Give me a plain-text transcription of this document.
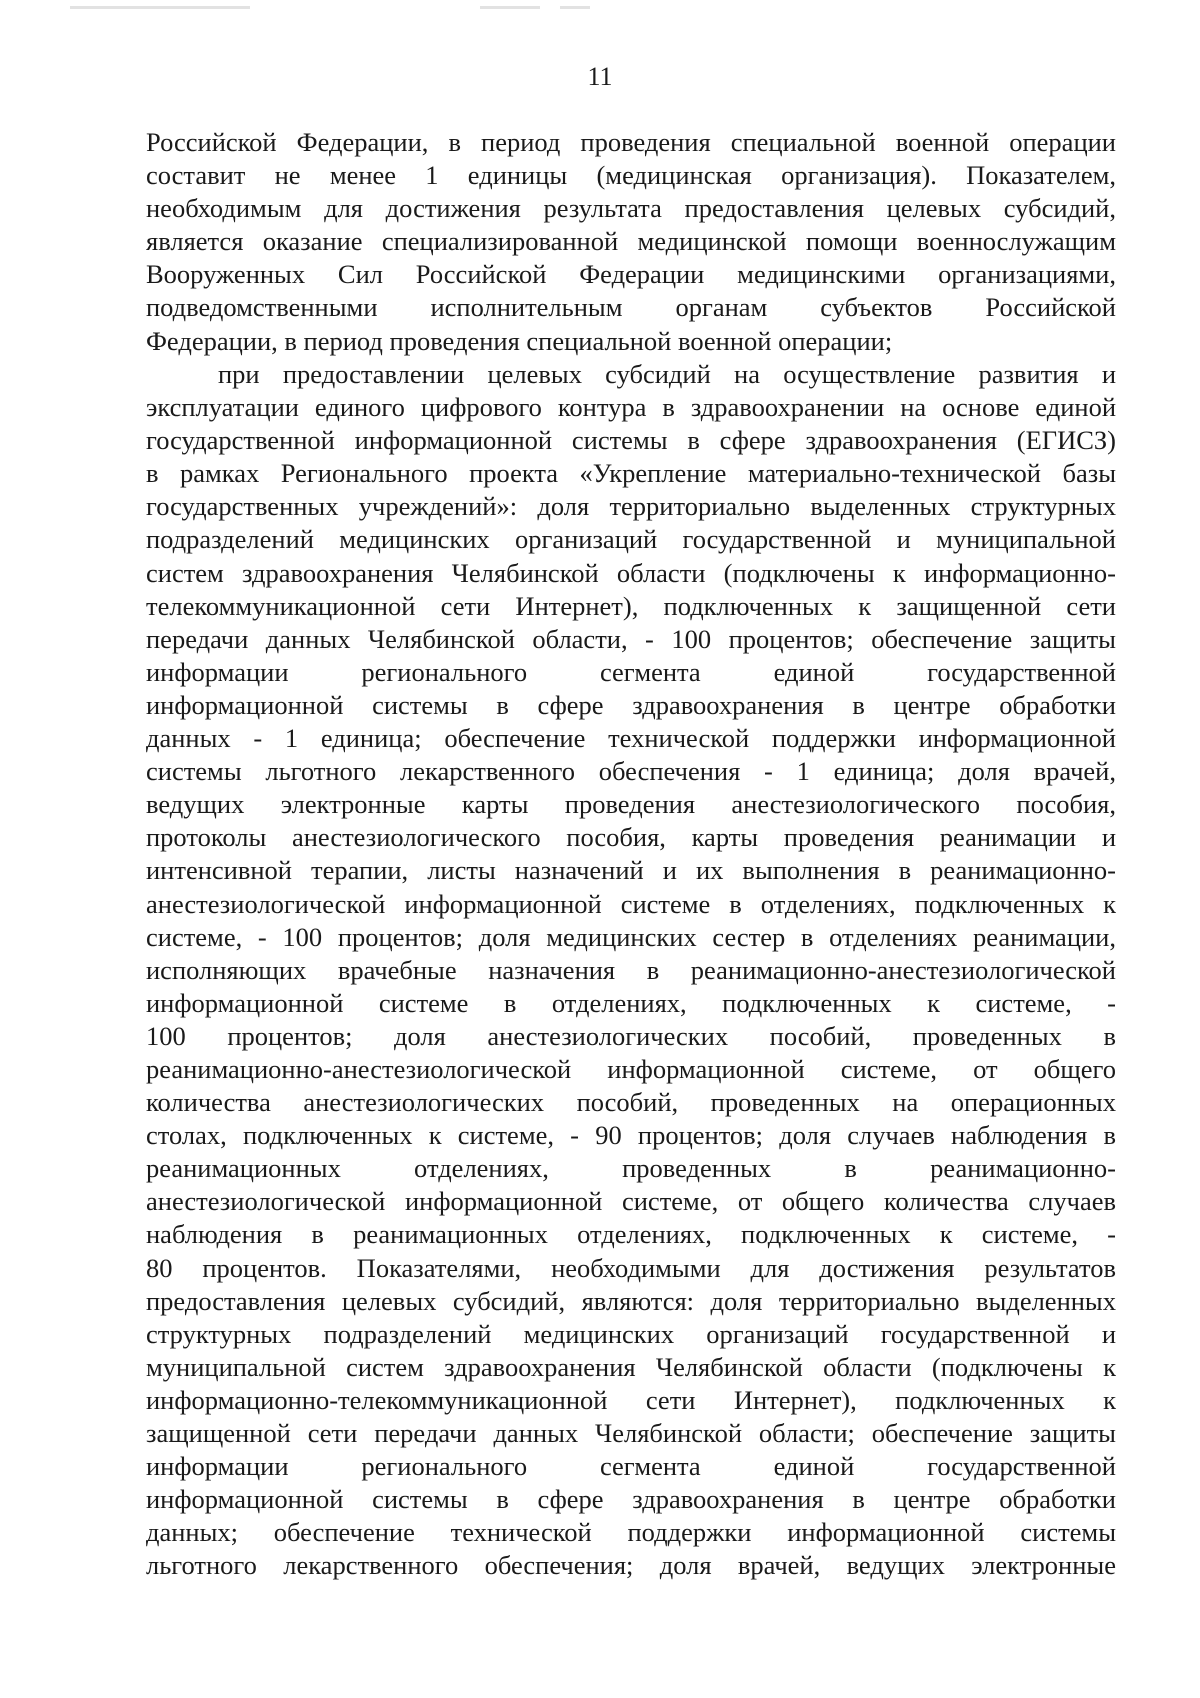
11
Российской Федерации, в период проведения специальной военной операции
составит не менее 1 единицы (медицинская организация). Показателем,
необходимым для достижения результата предоставления целевых субсидий,
является оказание специализированной медицинской помощи военнослужащим
Вооруженных Сил Российской Федерации медицинскими организациями,
подведомственными исполнительным органам субъектов Российской
Федерации, в период проведения специальной военной операции;
при предоставлении целевых субсидий на осуществление развития и
эксплуатации единого цифрового контура в здравоохранении на основе единой
государственной информационной системы в сфере здравоохранения (ЕГИСЗ)
в рамках Регионального проекта «Укрепление материально-технической базы
государственных учреждений»: доля территориально выделенных структурных
подразделений медицинских организаций государственной и муниципальной
систем здравоохранения Челябинской области (подключены к информационно-
телекоммуникационной сети Интернет), подключенных к защищенной сети
передачи данных Челябинской области, - 100 процентов; обеспечение защиты
информации регионального сегмента единой государственной
информационной системы в сфере здравоохранения в центре обработки
данных - 1 единица; обеспечение технической поддержки информационной
системы льготного лекарственного обеспечения - 1 единица; доля врачей,
ведущих электронные карты проведения анестезиологического пособия,
протоколы анестезиологического пособия, карты проведения реанимации и
интенсивной терапии, листы назначений и их выполнения в реанимационно-
анестезиологической информационной системе в отделениях, подключенных к
системе, - 100 процентов; доля медицинских сестер в отделениях реанимации,
исполняющих врачебные назначения в реанимационно-анестезиологической
информационной системе в отделениях, подключенных к системе, -
100 процентов; доля анестезиологических пособий, проведенных в
реанимационно-анестезиологической информационной системе, от общего
количества анестезиологических пособий, проведенных на операционных
столах, подключенных к системе, - 90 процентов; доля случаев наблюдения в
реанимационных отделениях, проведенных в реанимационно-
анестезиологической информационной системе, от общего количества случаев
наблюдения в реанимационных отделениях, подключенных к системе, -
80 процентов. Показателями, необходимыми для достижения результатов
предоставления целевых субсидий, являются: доля территориально выделенных
структурных подразделений медицинских организаций государственной и
муниципальной систем здравоохранения Челябинской области (подключены к
информационно-телекоммуникационной сети Интернет), подключенных к
защищенной сети передачи данных Челябинской области; обеспечение защиты
информации регионального сегмента единой государственной
информационной системы в сфере здравоохранения в центре обработки
данных; обеспечение технической поддержки информационной системы
льготного лекарственного обеспечения; доля врачей, ведущих электронные
